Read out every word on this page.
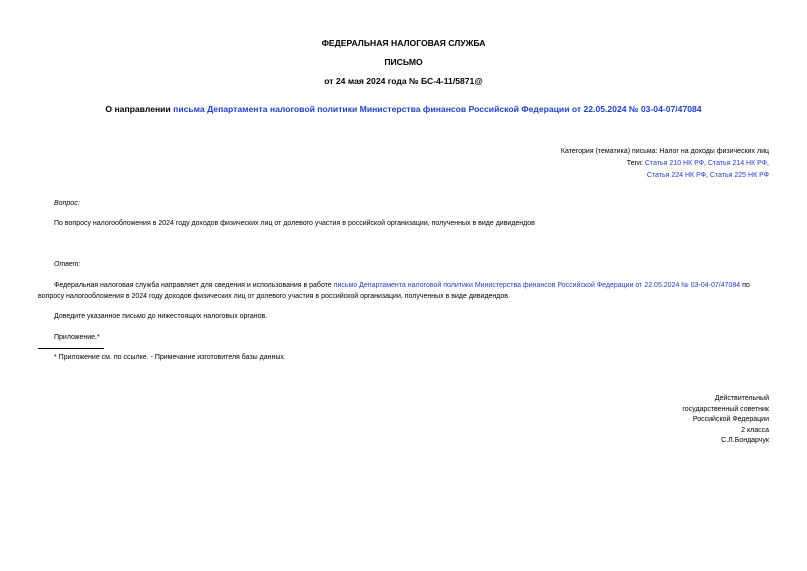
ФЕДЕРАЛЬНАЯ НАЛОГОВАЯ СЛУЖБА
ПИСЬМО
от 24 мая 2024 года № БС-4-11/5871@
О направлении письма Департамента налоговой политики Министерства финансов Российской Федерации от 22.05.2024 № 03-04-07/47084
Категория (тематика) письма: Налог на доходы физических лиц
Теги: Статья 210 НК РФ, Статья 214 НК РФ,
Статья 224 НК РФ, Статья 225 НК РФ
Вопрос:
По вопросу налогообложения в 2024 году доходов физических лиц от долевого участия в российской организации, полученных в виде дивидендов
Ответ:
Федеральная налоговая служба направляет для сведения и использования в работе письмо Департамента налоговой политики Министерства финансов Российской Федерации от 22.05.2024 № 03-04-07/47084 по вопросу налогообложения в 2024 году доходов физических лиц от долевого участия в российской организации, полученных в виде дивидендов.
Доведите указанное письмо до нижестоящих налоговых органов.
Приложение.*
* Приложение см. по ссылке. - Примечание изготовителя базы данных.
Действительный
государственный советник
Российской Федерации
2 класса
С.Л.Бондарчук
